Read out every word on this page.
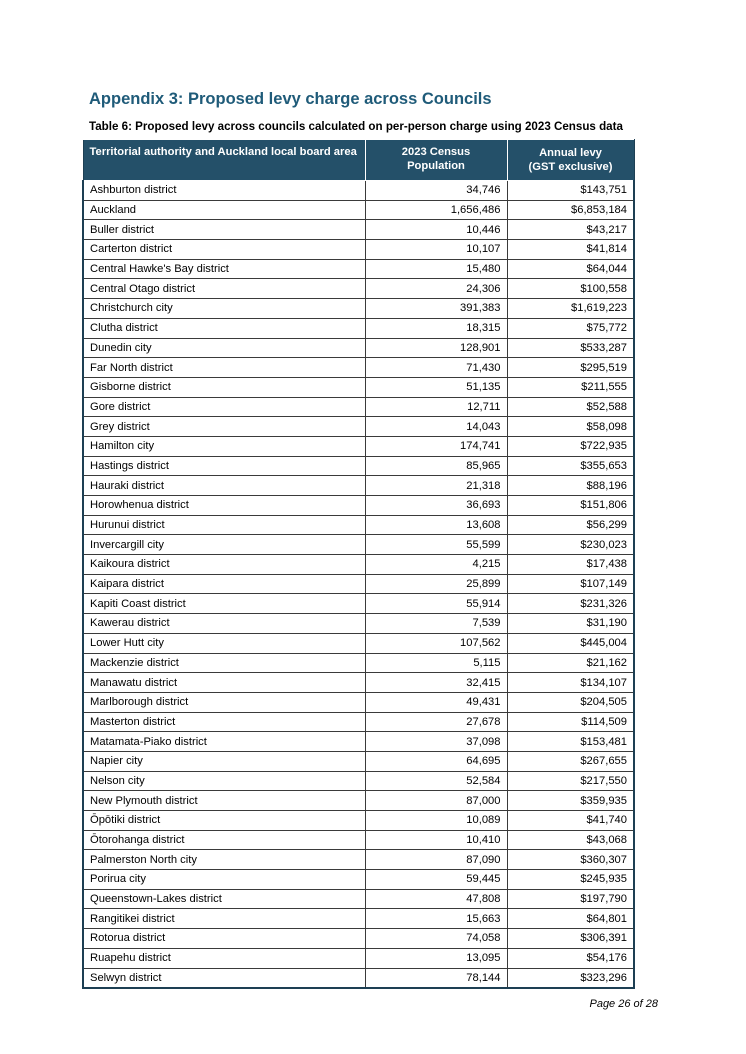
Appendix 3: Proposed levy charge across Councils

Table 6: Proposed levy across councils calculated on per-person charge using 2023 Census data

Territorial authority and Auckland local board area	2023 Census Population	Annual levy
(GST exclusive)
Ashburton district	34,746	$143,751
Auckland	1,656,486	$6,853,184
Buller district	10,446	$43,217
Carterton district	10,107	$41,814
Central Hawke's Bay district	15,480	$64,044
Central Otago district	24,306	$100,558
Christchurch city	391,383	$1,619,223
Clutha district	18,315	$75,772
Dunedin city	128,901	$533,287
Far North district	71,430	$295,519
Gisborne district	51,135	$211,555
Gore district	12,711	$52,588
Grey district	14,043	$58,098
Hamilton city	174,741	$722,935
Hastings district	85,965	$355,653
Hauraki district	21,318	$88,196
Horowhenua district	36,693	$151,806
Hurunui district	13,608	$56,299
Invercargill city	55,599	$230,023
Kaikoura district	4,215	$17,438
Kaipara district	25,899	$107,149
Kapiti Coast district	55,914	$231,326
Kawerau district	7,539	$31,190
Lower Hutt city	107,562	$445,004
Mackenzie district	5,115	$21,162
Manawatu district	32,415	$134,107
Marlborough district	49,431	$204,505
Masterton district	27,678	$114,509
Matamata-Piako district	37,098	$153,481
Napier city	64,695	$267,655
Nelson city	52,584	$217,550
New Plymouth district	87,000	$359,935
Ōpōtiki district	10,089	$41,740
Ōtorohanga district	10,410	$43,068
Palmerston North city	87,090	$360,307
Porirua city	59,445	$245,935
Queenstown-Lakes district	47,808	$197,790
Rangitikei district	15,663	$64,801
Rotorua district	74,058	$306,391
Ruapehu district	13,095	$54,176
Selwyn district	78,144	$323,296
Page 26 of 28
